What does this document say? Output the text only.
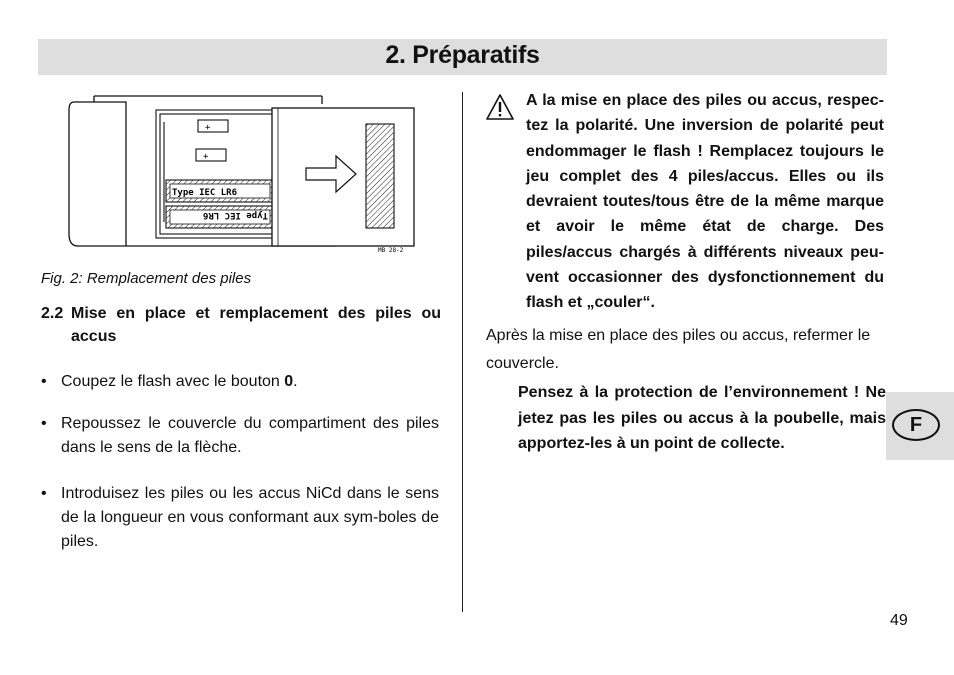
2. Préparatifs
+
+
Type IEC LR6
Type IEC LR6
MB 28-2
Fig. 2: Remplacement des piles
2.2 Mise en place et remplacement des piles ou accus
• Coupez le flash avec le bouton 0.
• Repoussez le couvercle du compartiment des piles dans le sens de la flèche.
• Introduisez les piles ou les accus NiCd dans le sens de la longueur en vous conformant aux sym-boles de piles.
A la mise en place des piles ou accus, respec-tez la polarité. Une inversion de polarité peut endommager le flash ! Remplacez toujours le jeu complet des 4 piles/accus. Elles ou ils devraient toutes/tous être de la même marque et avoir le même état de charge. Des piles/accus chargés à différents niveaux peu-vent occasionner des dysfonctionnement du flash et „couler“.
Après la mise en place des piles ou accus, refermer le couvercle.
Pensez à la protection de l’environnement ! Ne jetez pas les piles ou accus à la poubelle, mais apportez-les à un point de collecte.
F
49
